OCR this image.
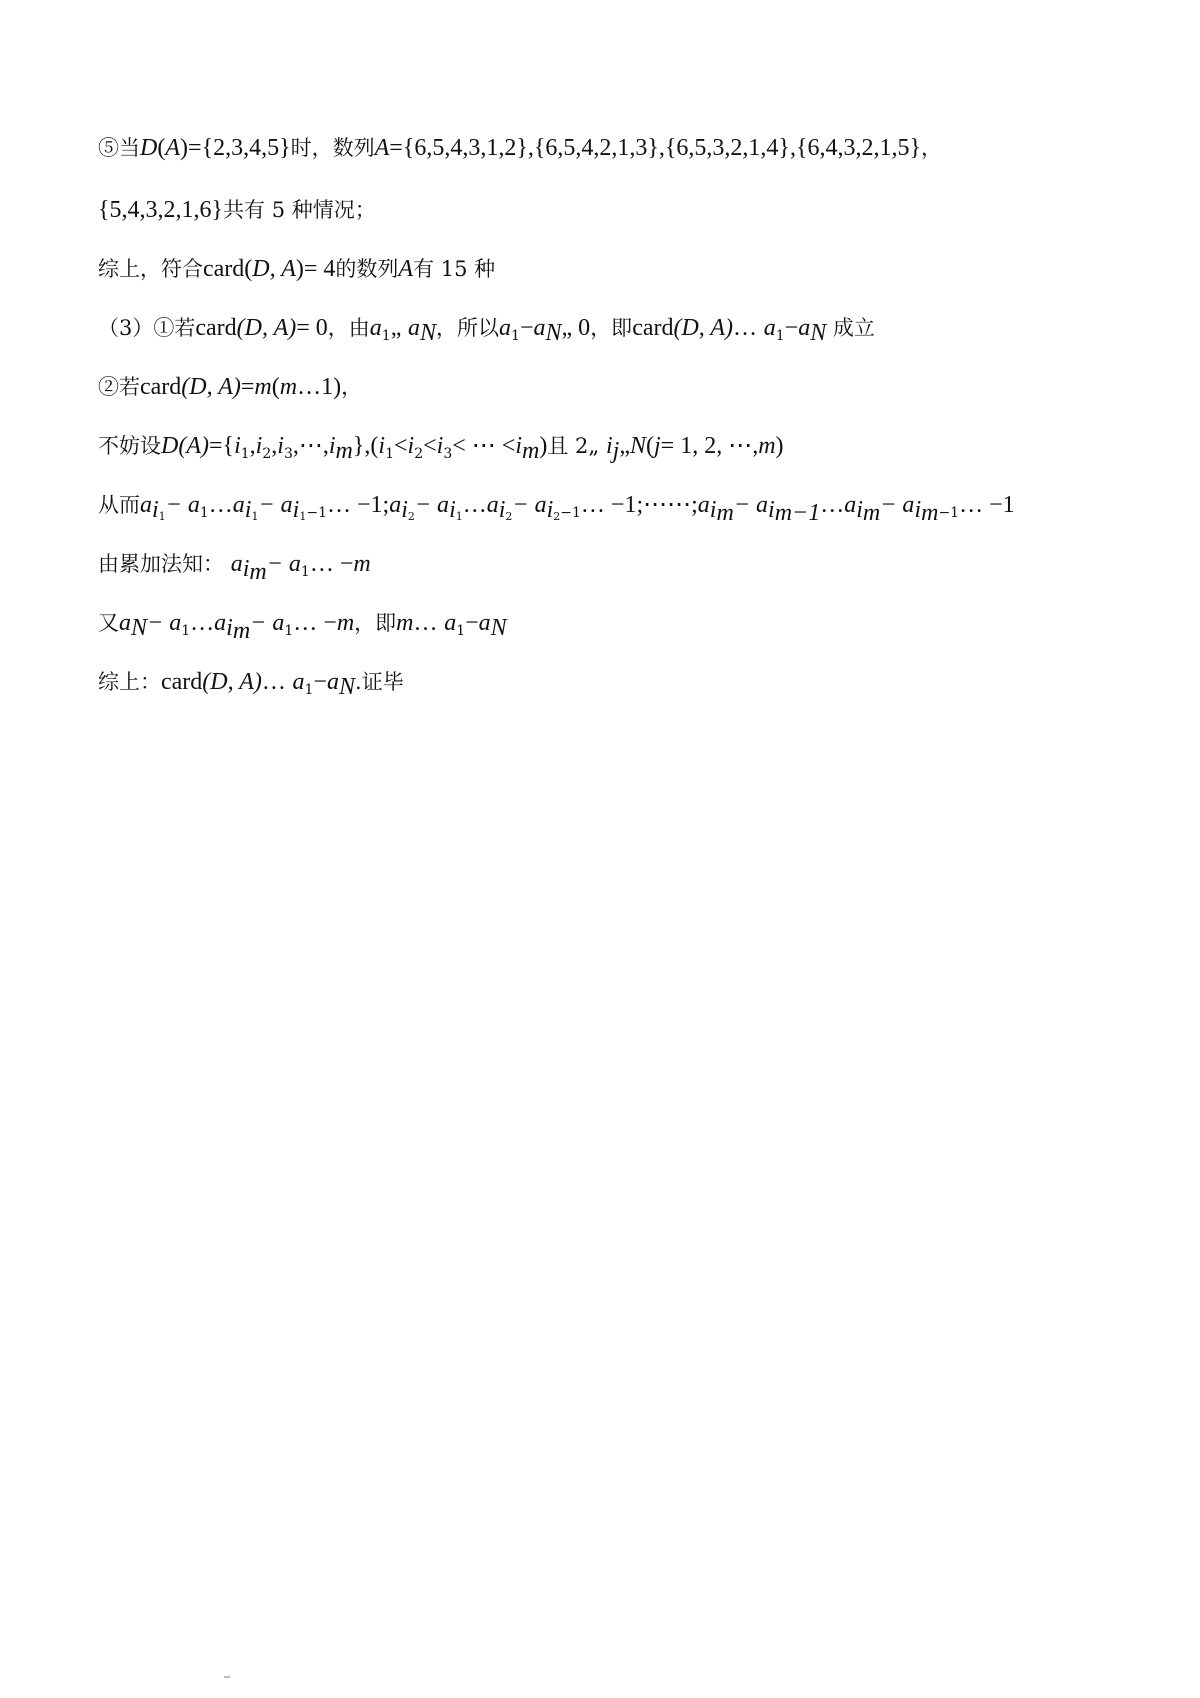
⑤当D(A)={2,3,4,5}时，数列A={6,5,4,3,1,2},{6,5,4,2,1,3},{6,5,3,2,1,4},{6,4,3,2,1,5}，
{5,4,3,2,1,6}共有 5 种情况；
综上，符合card(D, A)= 4的数列A有 15 种
（3）①若card(D, A)= 0，由$a_1„$ $a_N$，所以$a_1-a_N„$ 0，即card(D, A)… $a_1-a_N$ 成立
②若card(D, A)=m(m…1)，
不妨设$D(A)=\{i_1,i_2,i_3,\cdots,i_m\},(i_1<i_2<i_3<$ ⋯ $<i_m$)且 2„ $i_j„N(j= 1$, 2, ⋯,m)
从而$a_{i_1}-$ $a_1\dots a_{i_1}-$ $a_{i_1-1}\dots$ $-1;a_{i_2}-$ $a_{i_1}\dots a_{i_2}-$ $a_{i_2-1}\dots$ $-1;\cdots\cdots;a_{i_m}-$ $a_{i_{m-1}}\dots a_{i_m}-$ $a_{i_m-1}\dots -1$
由累加法知： $a_{i_m}-$ $a_1\dots -m$
又$a_N-$ $a_1\dots a_{i_m}-$ $a_1\dots -m$，即m… $a_1-a_N$
综上：card(D, A)… $a_1-a_N$.证毕
